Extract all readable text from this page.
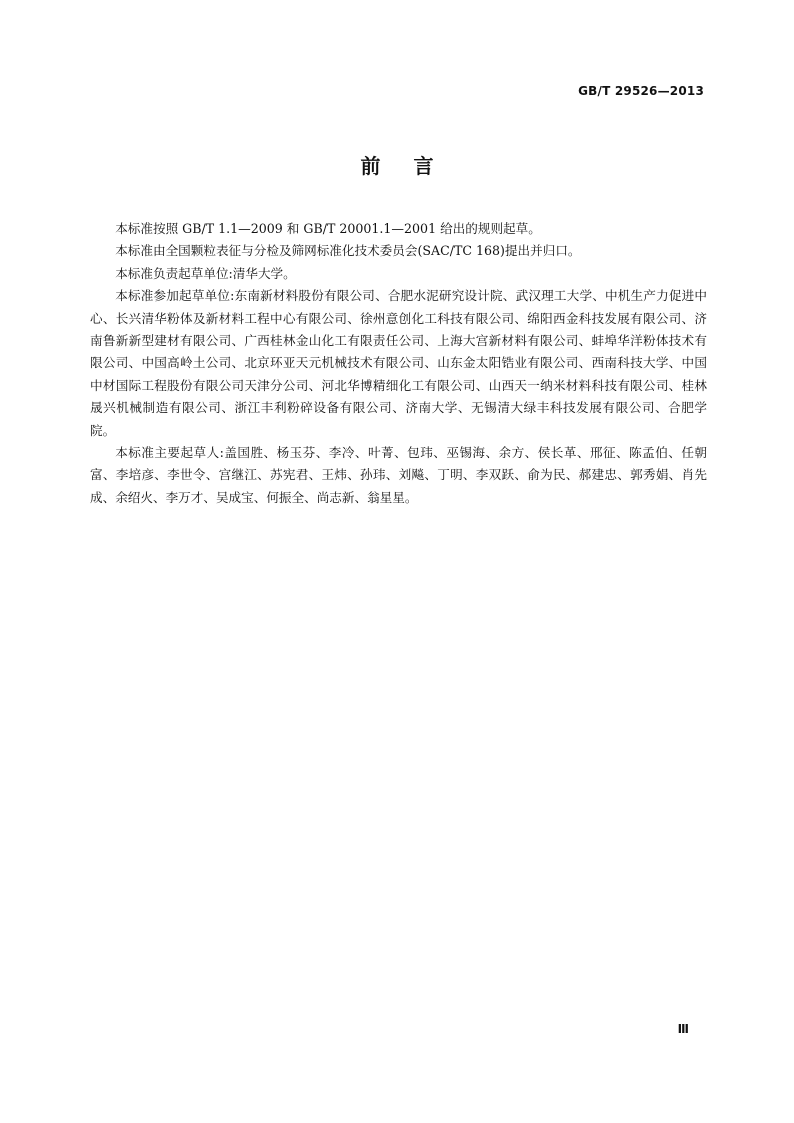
GB/T 29526—2013
前言

本标准按照 GB/T 1.1—2009 和 GB/T 20001.1—2001 给出的规则起草。

本标准由全国颗粒表征与分检及筛网标准化技术委员会(SAC/TC 168)提出并归口。

本标准负责起草单位:清华大学。

本标准参加起草单位:东南新材料股份有限公司、合肥水泥研究设计院、武汉理工大学、中机生产力促进中心、长兴清华粉体及新材料工程中心有限公司、徐州意创化工科技有限公司、绵阳西金科技发展有限公司、济南鲁新新型建材有限公司、广西桂林金山化工有限责任公司、上海大宫新材料有限公司、蚌埠华洋粉体技术有限公司、中国高岭土公司、北京环亚天元机械技术有限公司、山东金太阳锆业有限公司、西南科技大学、中国中材国际工程股份有限公司天津分公司、河北华博精细化工有限公司、山西天一纳米材料科技有限公司、桂林晟兴机械制造有限公司、浙江丰利粉碎设备有限公司、济南大学、无锡清大绿丰科技发展有限公司、合肥学院。

本标准主要起草人:盖国胜、杨玉芬、李冷、叶菁、包玮、巫锡海、余方、侯长革、邢征、陈孟伯、任朝富、李培彦、李世令、宫继江、苏宪君、王炜、孙玮、刘飚、丁明、李双跃、俞为民、郝建忠、郭秀娟、肖先成、余绍火、李万才、吴成宝、何振全、尚志新、翁星星。

Ⅲ
